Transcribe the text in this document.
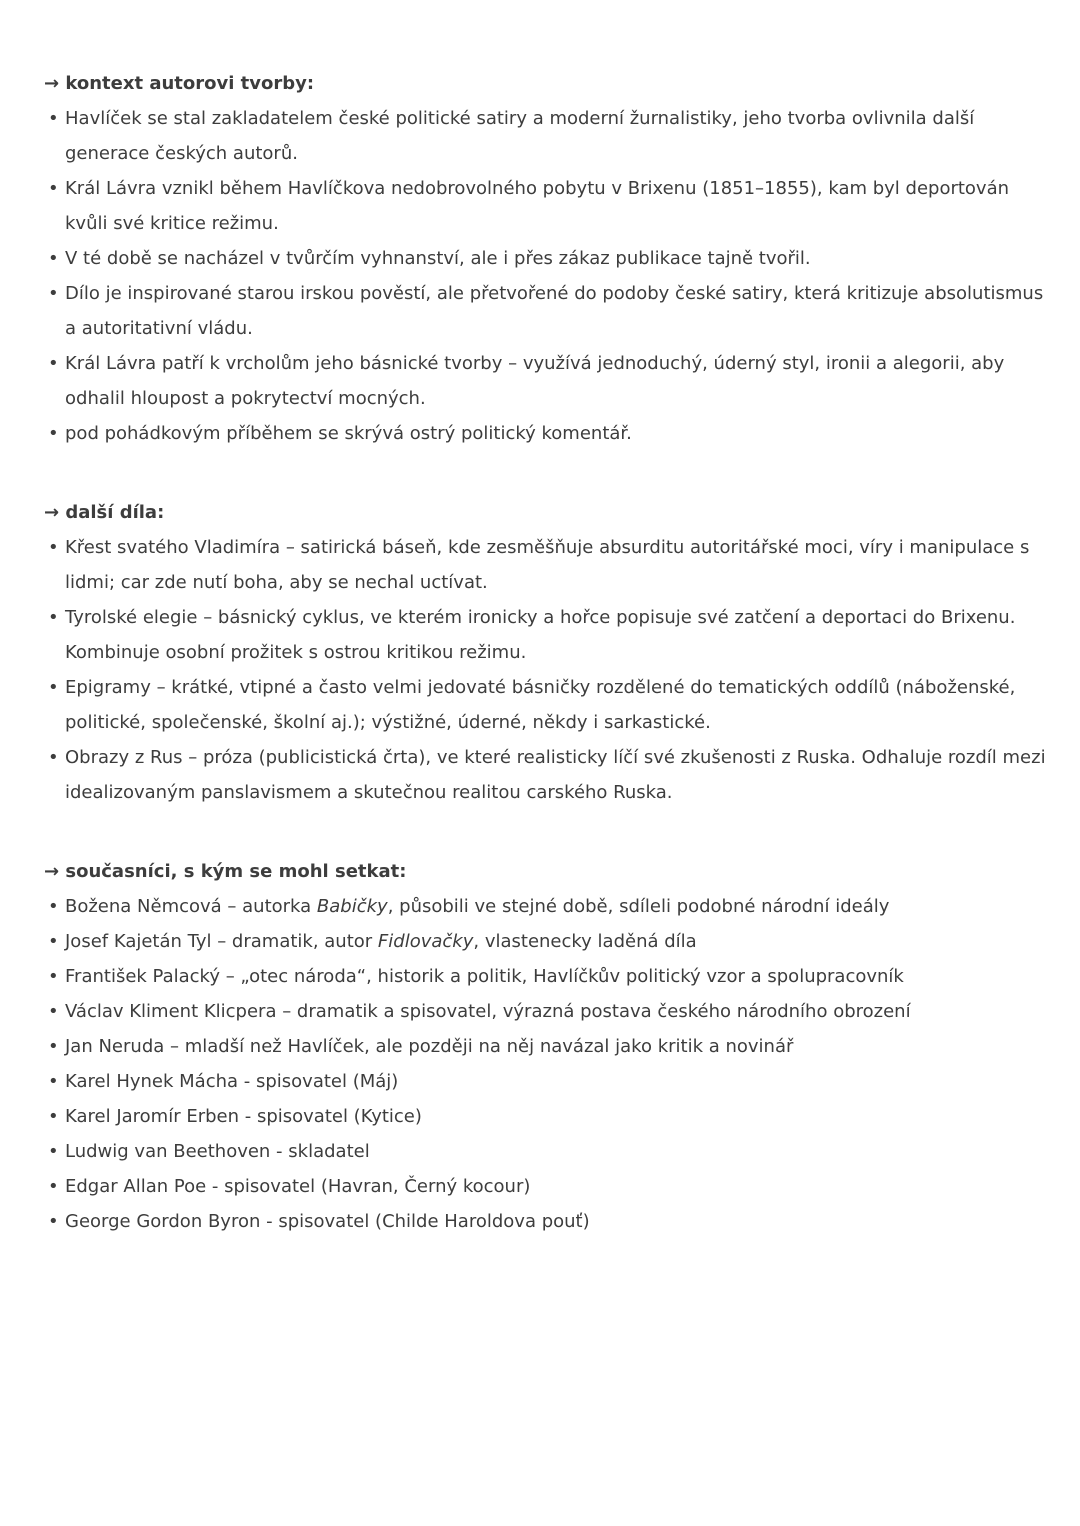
→ kontext autorovi tvorby:
• Havlíček se stal zakladatelem české politické satiry a moderní žurnalistiky, jeho tvorba ovlivnila další generace českých autorů.
• Král Lávra vznikl během Havlíčkova nedobrovolného pobytu v Brixenu (1851–1855), kam byl deportován kvůli své kritice režimu.
• V té době se nacházel v tvůrčím vyhnanství, ale i přes zákaz publikace tajně tvořil.
• Dílo je inspirované starou irskou pověstí, ale přetvořené do podoby české satiry, která kritizuje absolutismus a autoritativní vládu.
• Král Lávra patří k vrcholům jeho básnické tvorby – využívá jednoduchý, úderný styl, ironii a alegorii, aby odhalil hloupost a pokrytectví mocných.
• pod pohádkovým příběhem se skrývá ostrý politický komentář.
→ další díla:
• Křest svatého Vladimíra – satirická báseň, kde zesměšňuje absurditu autoritářské moci, víry i manipulace s lidmi; car zde nutí boha, aby se nechal uctívat.
• Tyrolské elegie – básnický cyklus, ve kterém ironicky a hořce popisuje své zatčení a deportaci do Brixenu. Kombinuje osobní prožitek s ostrou kritikou režimu.
• Epigramy – krátké, vtipné a často velmi jedovaté básničky rozdělené do tematických oddílů (náboženské, politické, společenské, školní aj.); výstižné, úderné, někdy i sarkastické.
• Obrazy z Rus – próza (publicistická črta), ve které realisticky líčí své zkušenosti z Ruska. Odhaluje rozdíl mezi idealizovaným panslavismem a skutečnou realitou carského Ruska.
→ současníci, s kým se mohl setkat:
• Božena Němcová – autorka Babičky, působili ve stejné době, sdíleli podobné národní ideály
• Josef Kajetán Tyl – dramatik, autor Fidlovačky, vlastenecky laděná díla
• František Palacký – „otec národa“, historik a politik, Havlíčkův politický vzor a spolupracovník
• Václav Kliment Klicpera – dramatik a spisovatel, výrazná postava českého národního obrození
• Jan Neruda – mladší než Havlíček, ale později na něj navázal jako kritik a novinář
• Karel Hynek Mácha - spisovatel (Máj)
• Karel Jaromír Erben - spisovatel (Kytice)
• Ludwig van Beethoven - skladatel
• Edgar Allan Poe - spisovatel (Havran, Černý kocour)
• George Gordon Byron - spisovatel (Childe Haroldova pouť)
